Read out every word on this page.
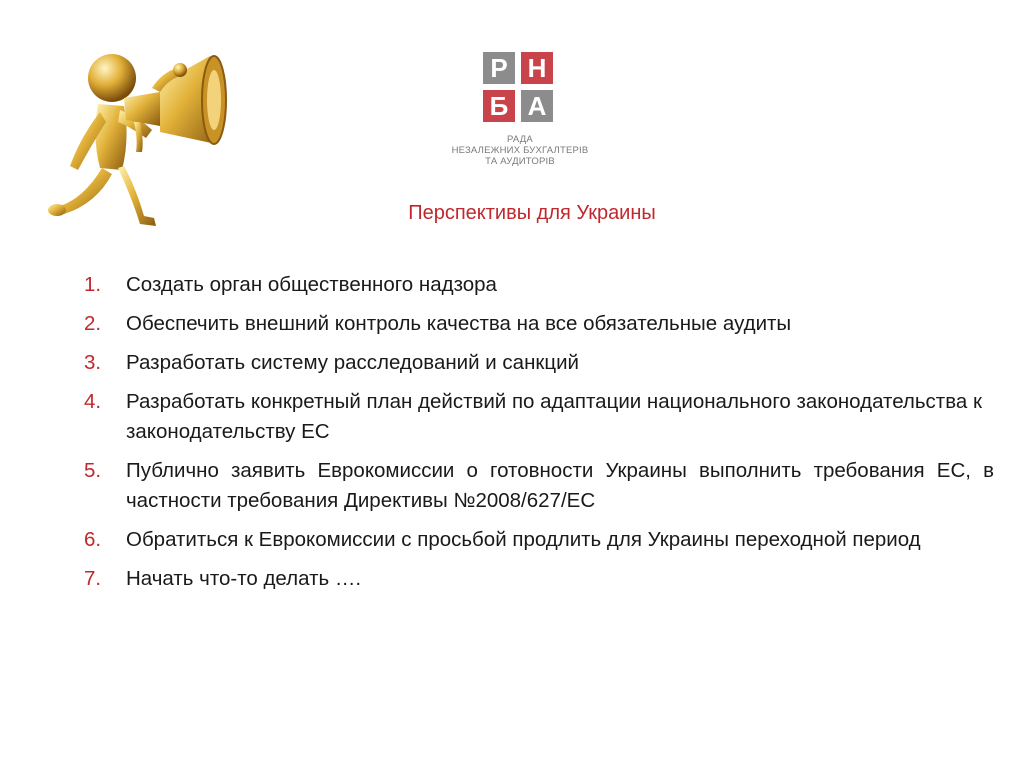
Р Н
Б А
РАДА
НЕЗАЛЕЖНИХ БУХГАЛТЕРІВ
ТА АУДИТОРІВ
Перспективы для Украины
1. Создать орган общественного надзора
2. Обеспечить внешний контроль качества на все обязательные аудиты
3. Разработать систему расследований и санкций
4. Разработать конкретный план действий по адаптации национального законодательства к законодательству ЕС
5. Публично заявить Еврокомиссии о готовности Украины выполнить требования ЕС, в частности требования Директивы №2008/627/ЕС
6. Обратиться к Еврокомиссии с просьбой продлить для Украины переходной период
7. Начать что-то делать ….
